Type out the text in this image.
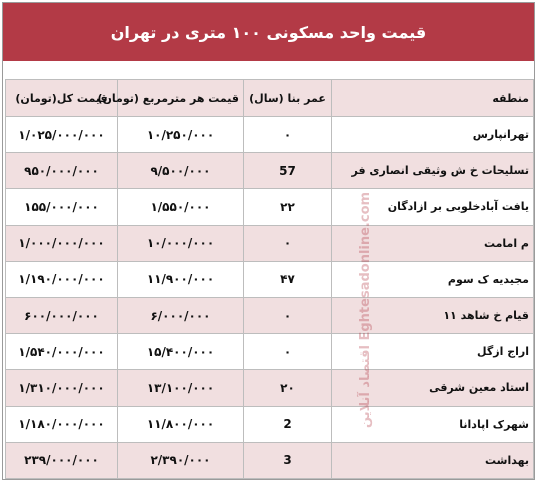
قیمت واحد مسکونی ۱۰۰ متری در تهران
قیمت کل(تومان)	قیمت هر مترمربع (تومان)	عمر بنا (سال)	منطقه
۱/۰۲۵/۰۰۰/۰۰۰	۱۰/۲۵۰/۰۰۰	۰	تهرانپارس
۹۵۰/۰۰۰/۰۰۰	۹/۵۰۰/۰۰۰	57	تسلیحات خ ش وثیقی انصاری فر
۱۵۵/۰۰۰/۰۰۰	۱/۵۵۰/۰۰۰	۲۲	یافت آبادخلوبی بر ازادگان
۱/۰۰۰/۰۰۰/۰۰۰	۱۰/۰۰۰/۰۰۰	۰	م امامت
۱/۱۹۰/۰۰۰/۰۰۰	۱۱/۹۰۰/۰۰۰	۴۷	مجیدیه ک سوم
۶۰۰/۰۰۰/۰۰۰	۶/۰۰۰/۰۰۰	۰	قیام خ شاهد ۱۱
۱/۵۴۰/۰۰۰/۰۰۰	۱۵/۴۰۰/۰۰۰	۰	اراج ازگل
۱/۳۱۰/۰۰۰/۰۰۰	۱۳/۱۰۰/۰۰۰	۲۰	استاد معین شرقی
۱/۱۸۰/۰۰۰/۰۰۰	۱۱/۸۰۰/۰۰۰	2	شهرک اپادانا
۲۳۹/۰۰۰/۰۰۰	۲/۳۹۰/۰۰۰	3	بهداشت
اقتصاد آنلاین Eghtesadonline.com
